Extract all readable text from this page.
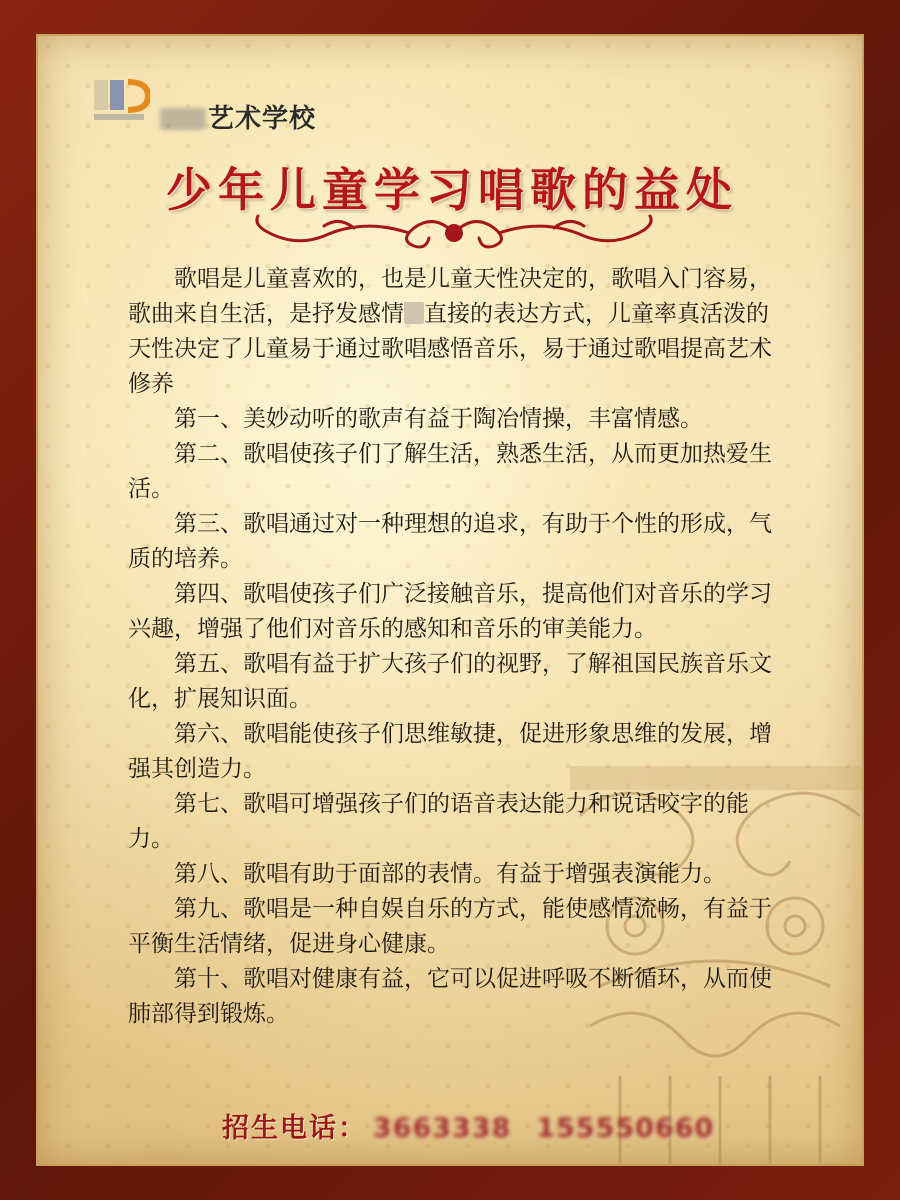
艺术学校
少年儿童学习唱歌的益处

歌唱是儿童喜欢的，也是儿童天性决定的，歌唱入门容易，歌曲来自生活，是抒发感情 直接的表达方式，儿童率真活泼的天性决定了儿童易于通过歌唱感悟音乐，易于通过歌唱提高艺术修养

第一、美妙动听的歌声有益于陶冶情操，丰富情感。

第二、歌唱使孩子们了解生活，熟悉生活，从而更加热爱生活。

第三、歌唱通过对一种理想的追求，有助于个性的形成，气质的培养。

第四、歌唱使孩子们广泛接触音乐，提高他们对音乐的学习兴趣，增强了他们对音乐的感知和音乐的审美能力。

第五、歌唱有益于扩大孩子们的视野，了解祖国民族音乐文化，扩展知识面。

第六、歌唱能使孩子们思维敏捷，促进形象思维的发展，增强其创造力。

第七、歌唱可增强孩子们的语音表达能力和说话咬字的能力。

第八、歌唱有助于面部的表情。有益于增强表演能力。

第九、歌唱是一种自娱自乐的方式，能使感情流畅，有益于平衡生活情绪，促进身心健康。

第十、歌唱对健康有益，它可以促进呼吸不断循环，从而使肺部得到锻炼。

招生电话： 3663338 155550660
